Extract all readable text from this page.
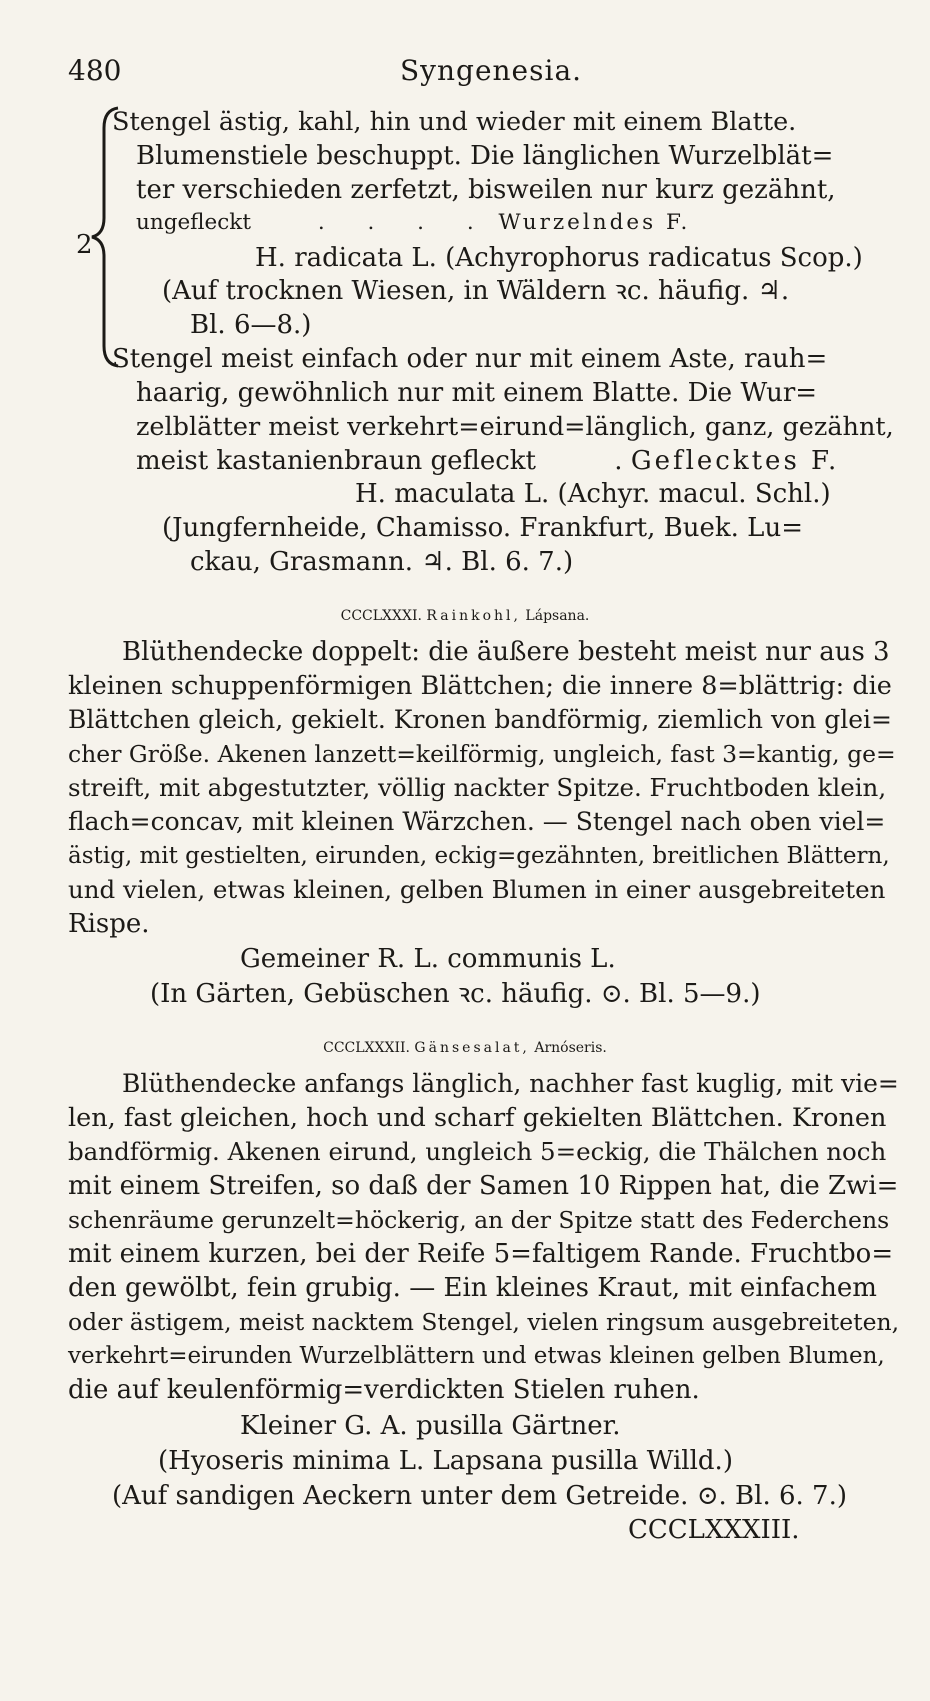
480	Syngenesia.
2
Stengel ästig, kahl, hin und wieder mit einem Blatte.
Blumenstiele beschuppt. Die länglichen Wurzelblät=
ter verschieden zerfetzt, bisweilen nur kurz gezähnt,
ungefleckt	. . . . Wurzelndes F.
H. radicata L. (Achyrophorus radicatus Scop.)
(Auf trocknen Wiesen, in Wäldern ꝛc. häufig. ♃.
Bl. 6—8.)
Stengel meist einfach oder nur mit einem Aste, rauh=
haarig, gewöhnlich nur mit einem Blatte. Die Wur=
zelblätter meist verkehrt=eirund=länglich, ganz, gezähnt,
meist kastanienbraun gefleckt	. Geflecktes F.
H. maculata L. (Achyr. macul. Schl.)
(Jungfernheide, Chamisso. Frankfurt, Buek. Lu=
ckau, Grasmann. ♃. Bl. 6. 7.)
CCCLXXXI. Rainkohl, Lápsana.
Blüthendecke doppelt: die äußere besteht meist nur aus 3
kleinen schuppenförmigen Blättchen; die innere 8=blättrig: die
Blättchen gleich, gekielt. Kronen bandförmig, ziemlich von glei=
cher Größe. Akenen lanzett=keilförmig, ungleich, fast 3=kantig, ge=
streift, mit abgestutzter, völlig nackter Spitze. Fruchtboden klein,
flach=concav, mit kleinen Wärzchen. — Stengel nach oben viel=
ästig, mit gestielten, eirunden, eckig=gezähnten, breitlichen Blättern,
und vielen, etwas kleinen, gelben Blumen in einer ausgebreiteten
Rispe.
Gemeiner R. L. communis L.
(In Gärten, Gebüschen ꝛc. häufig. ⊙. Bl. 5—9.)
CCCLXXXII. Gänsesalat, Arnóseris.
Blüthendecke anfangs länglich, nachher fast kuglig, mit vie=
len, fast gleichen, hoch und scharf gekielten Blättchen. Kronen
bandförmig. Akenen eirund, ungleich 5=eckig, die Thälchen noch
mit einem Streifen, so daß der Samen 10 Rippen hat, die Zwi=
schenräume gerunzelt=höckerig, an der Spitze statt des Federchens
mit einem kurzen, bei der Reife 5=faltigem Rande. Fruchtbo=
den gewölbt, fein grubig. — Ein kleines Kraut, mit einfachem
oder ästigem, meist nacktem Stengel, vielen ringsum ausgebreiteten,
verkehrt=eirunden Wurzelblättern und etwas kleinen gelben Blumen,
die auf keulenförmig=verdickten Stielen ruhen.
Kleiner G. A. pusilla Gärtner.
(Hyoseris minima L. Lapsana pusilla Willd.)
(Auf sandigen Aeckern unter dem Getreide. ⊙. Bl. 6. 7.)
CCCLXXXIII.
